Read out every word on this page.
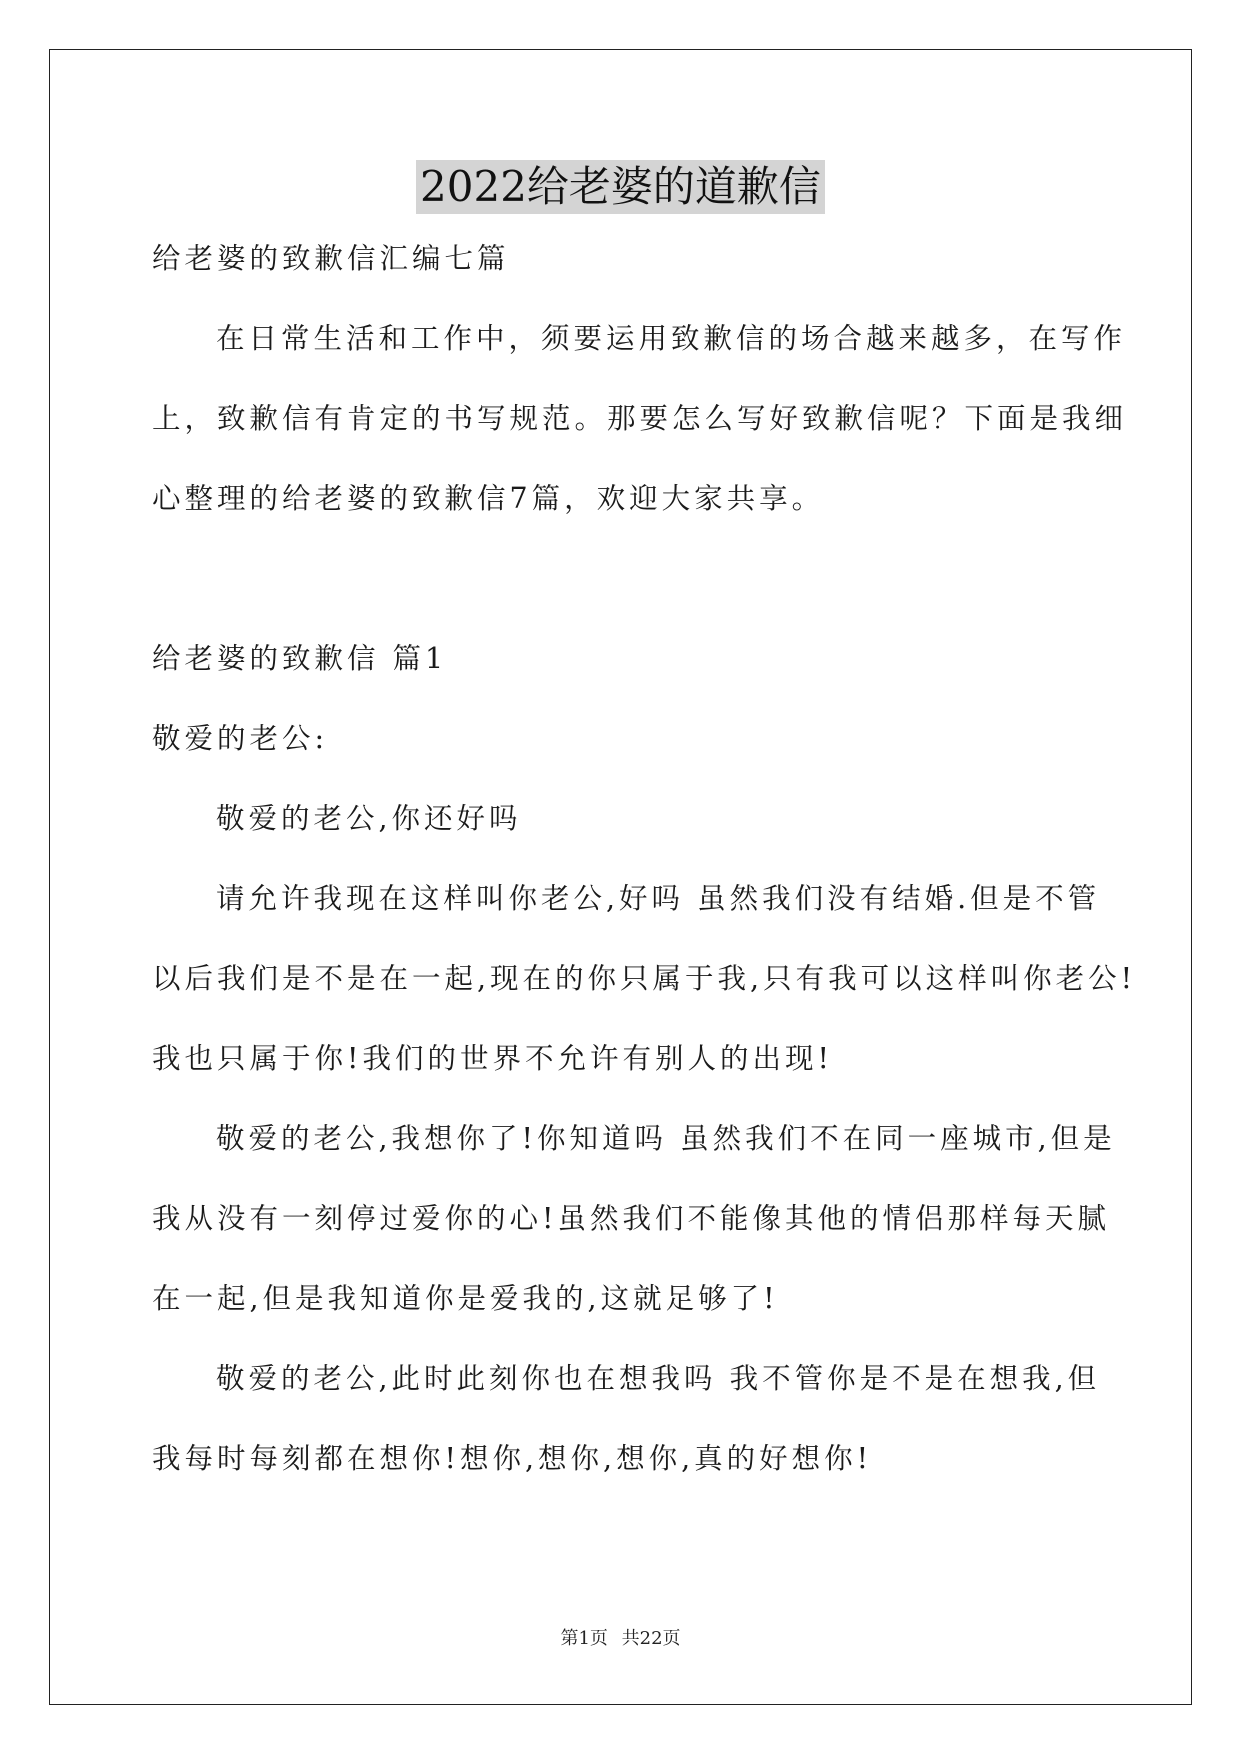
2022给老婆的道歉信
给老婆的致歉信汇编七篇
在日常生活和工作中，须要运用致歉信的场合越来越多，在写作
上，致歉信有肯定的书写规范。那要怎么写好致歉信呢？下面是我细
心整理的给老婆的致歉信7篇，欢迎大家共享。
给老婆的致歉信 篇1
敬爱的老公:
敬爱的老公,你还好吗
请允许我现在这样叫你老公,好吗 虽然我们没有结婚.但是不管
以后我们是不是在一起,现在的你只属于我,只有我可以这样叫你老公!
我也只属于你!我们的世界不允许有别人的出现!
敬爱的老公,我想你了!你知道吗 虽然我们不在同一座城市,但是
我从没有一刻停过爱你的心!虽然我们不能像其他的情侣那样每天腻
在一起,但是我知道你是爱我的,这就足够了!
敬爱的老公,此时此刻你也在想我吗 我不管你是不是在想我,但
我每时每刻都在想你!想你,想你,想你,真的好想你!
第1页 共22页
